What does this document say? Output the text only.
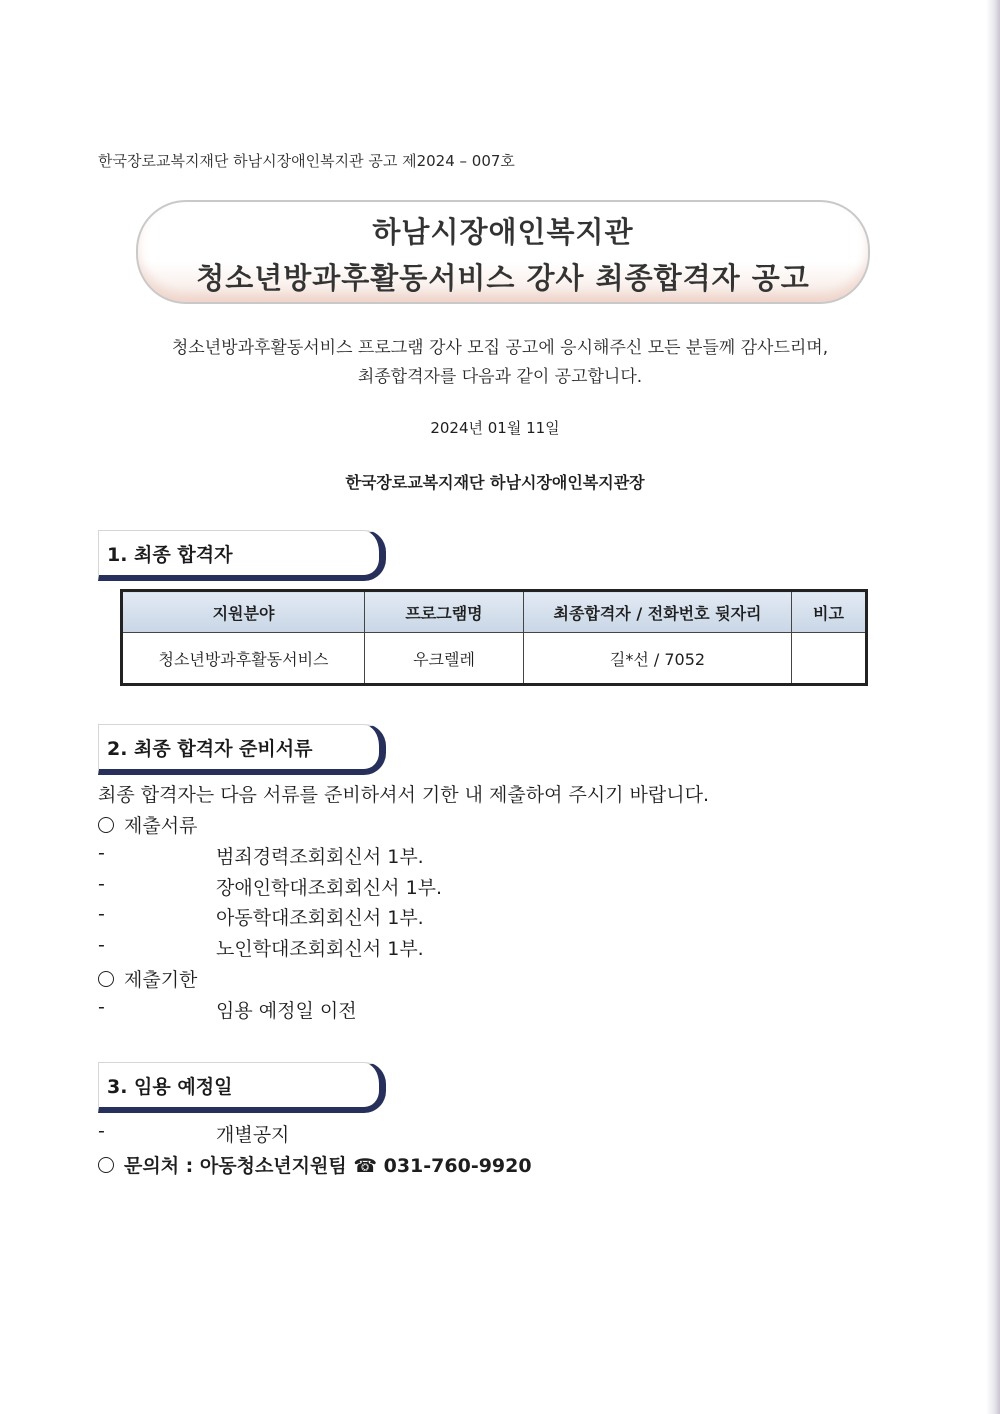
한국장로교복지재단 하남시장애인복지관 공고 제2024 – 007호
하남시장애인복지관
청소년방과후활동서비스 강사 최종합격자 공고
청소년방과후활동서비스 프로그램 강사 모집 공고에 응시해주신 모든 분들께 감사드리며,
최종합격자를 다음과 같이 공고합니다.
2024년 01월 11일
한국장로교복지재단 하남시장애인복지관장
1. 최종 합격자
지원분야	프로그램명	최종합격자 / 전화번호 뒷자리	비고
청소년방과후활동서비스	우크렐레	길*선 / 7052	
2. 최종 합격자 준비서류
최종 합격자는 다음 서류를 준비하셔서 기한 내 제출하여 주시기 바랍니다.
제출서류
-	범죄경력조회회신서 1부.
-	장애인학대조회회신서 1부.
-	아동학대조회회신서 1부.
-	노인학대조회회신서 1부.
제출기한
-	임용 예정일 이전
3. 임용 예정일
-	개별공지
문의처 : 아동청소년지원팀 ☎ 031-760-9920
